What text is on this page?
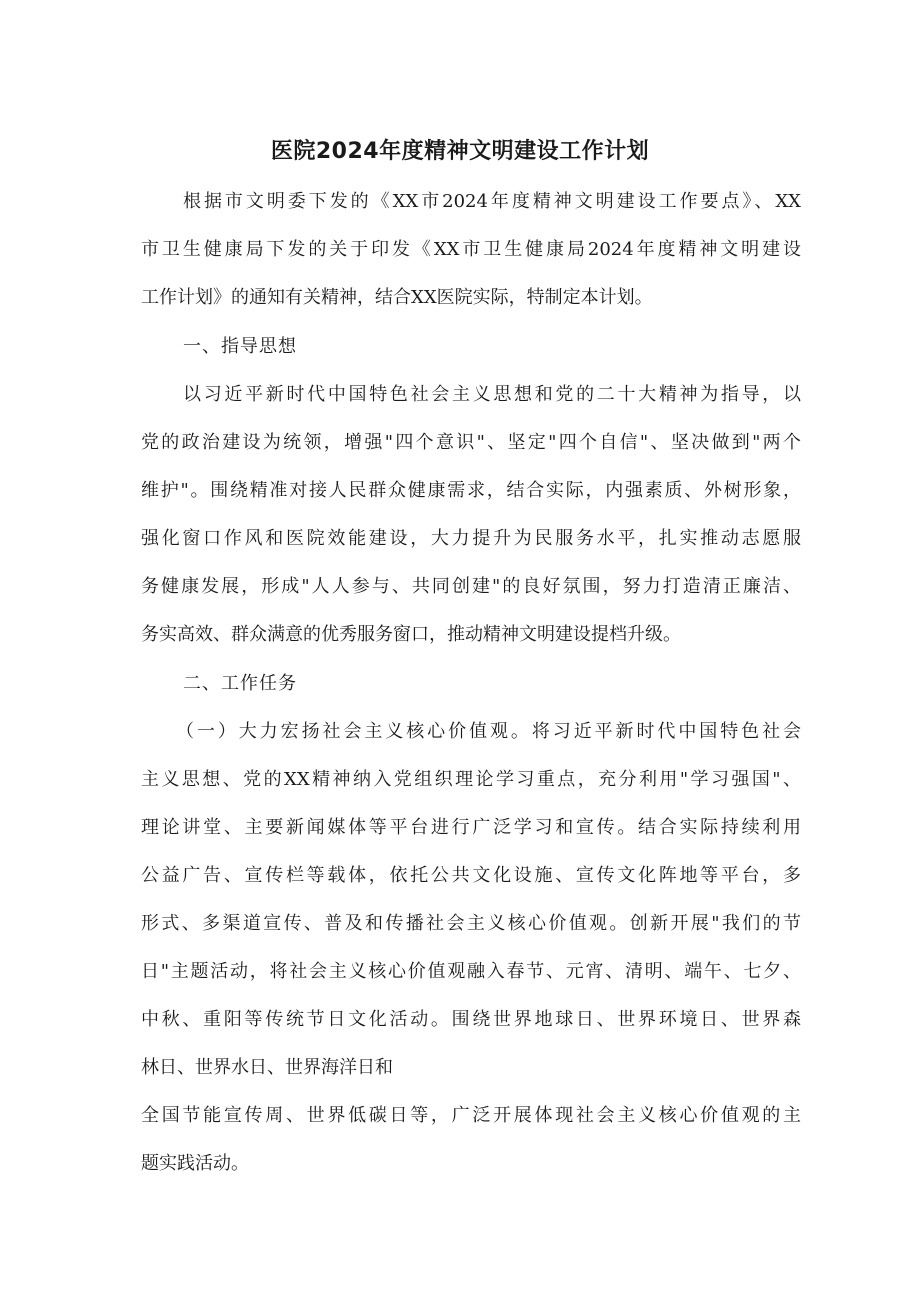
医院2024年度精神文明建设工作计划
根据市文明委下发的《XX市2024年度精神文明建设工作要点》、XX
市卫生健康局下发的关于印发《XX市卫生健康局2024年度精神文明建设
工作计划》的通知有关精神，结合XX医院实际，特制定本计划。
一、指导思想
以习近平新时代中国特色社会主义思想和党的二十大精神为指导，以
党的政治建设为统领，增强"四个意识"、坚定"四个自信"、坚决做到"两个
维护"。围绕精准对接人民群众健康需求，结合实际，内强素质、外树形象，
强化窗口作风和医院效能建设，大力提升为民服务水平，扎实推动志愿服
务健康发展，形成"人人参与、共同创建"的良好氛围，努力打造清正廉洁、
务实高效、群众满意的优秀服务窗口，推动精神文明建设提档升级。
二、工作任务
（一）大力宏扬社会主义核心价值观。将习近平新时代中国特色社会
主义思想、党的XX精神纳入党组织理论学习重点，充分利用"学习强国"、
理论讲堂、主要新闻媒体等平台进行广泛学习和宣传。结合实际持续利用
公益广告、宣传栏等载体，依托公共文化设施、宣传文化阵地等平台，多
形式、多渠道宣传、普及和传播社会主义核心价值观。创新开展"我们的节
日"主题活动，将社会主义核心价值观融入春节、元宵、清明、端午、七夕、
中秋、重阳等传统节日文化活动。围绕世界地球日、世界环境日、世界森
林日、世界水日、世界海洋日和
全国节能宣传周、世界低碳日等，广泛开展体现社会主义核心价值观的主
题实践活动。
